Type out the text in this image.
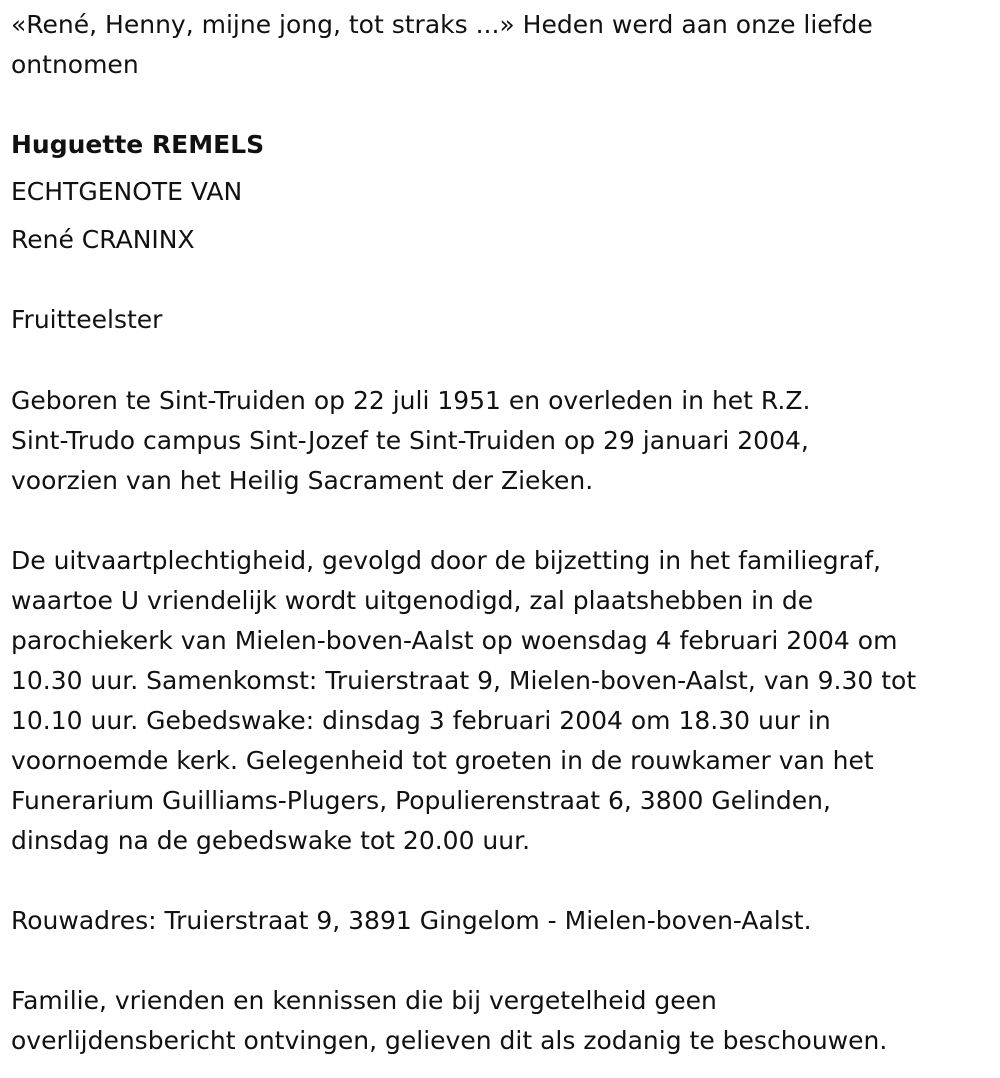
«René, Henny, mijne jong, tot straks ...» Heden werd aan onze liefde
ontnomen
Huguette REMELS
ECHTGENOTE VAN
René CRANINX
Fruitteelster
Geboren te Sint-Truiden op 22 juli 1951 en overleden in het R.Z.
Sint-Trudo campus Sint-Jozef te Sint-Truiden op 29 januari 2004,
voorzien van het Heilig Sacrament der Zieken.
De uitvaartplechtigheid, gevolgd door de bijzetting in het familiegraf,
waartoe U vriendelijk wordt uitgenodigd, zal plaatshebben in de
parochiekerk van Mielen-boven-Aalst op woensdag 4 februari 2004 om
10.30 uur. Samenkomst: Truierstraat 9, Mielen-boven-Aalst, van 9.30 tot
10.10 uur. Gebedswake: dinsdag 3 februari 2004 om 18.30 uur in
voornoemde kerk. Gelegenheid tot groeten in de rouwkamer van het
Funerarium Guilliams-Plugers, Populierenstraat 6, 3800 Gelinden,
dinsdag na de gebedswake tot 20.00 uur.
Rouwadres: Truierstraat 9, 3891 Gingelom - Mielen-boven-Aalst.
Familie, vrienden en kennissen die bij vergetelheid geen
overlijdensbericht ontvingen, gelieven dit als zodanig te beschouwen.
